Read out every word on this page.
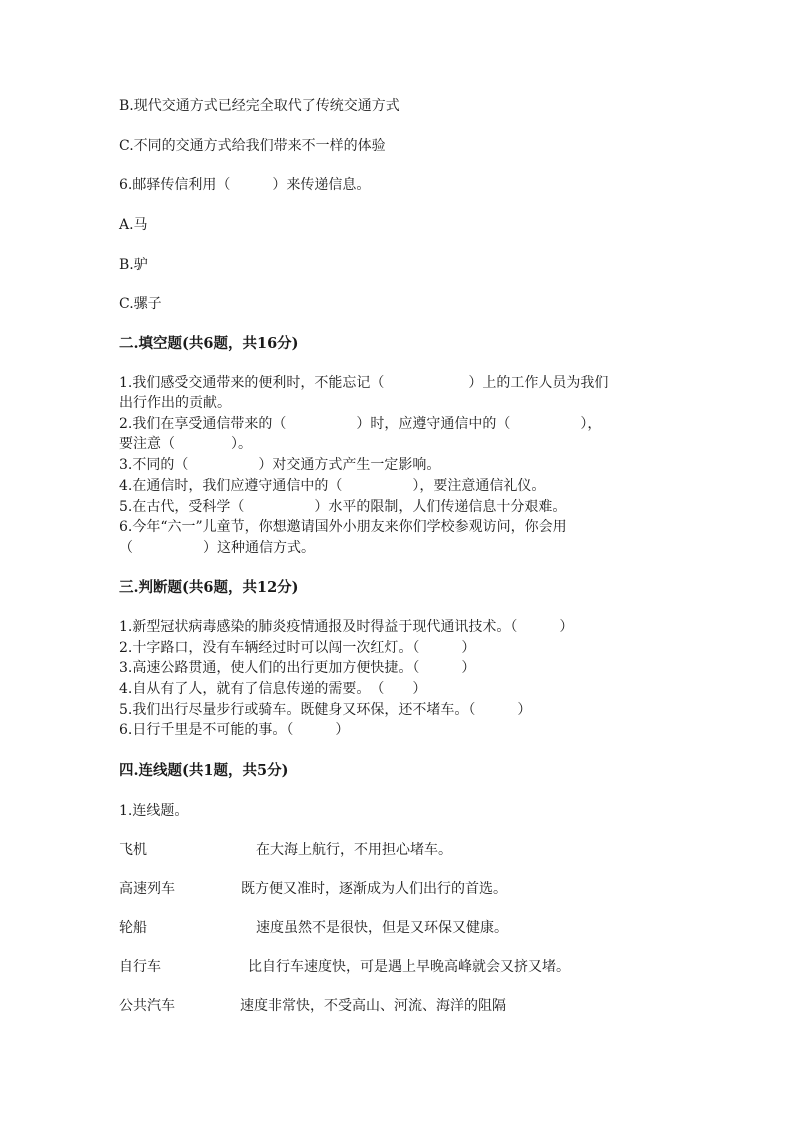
B.现代交通方式已经完全取代了传统交通方式
C.不同的交通方式给我们带来不一样的体验
6.邮驿传信利用（　　　）来传递信息。
A.马
B.驴
C.骡子
二.填空题(共6题，共16分)
1.我们感受交通带来的便利时，不能忘记（　　　　　　）上的工作人员为我们
出行作出的贡献。
2.我们在享受通信带来的（　　　　　）时，应遵守通信中的（　　　　　），
要注意（　　　　）。
3.不同的（　　　　　）对交通方式产生一定影响。
4.在通信时，我们应遵守通信中的（　　　　　），要注意通信礼仪。
5.在古代，受科学（　　　　　）水平的限制，人们传递信息十分艰难。
6.今年“六一”儿童节，你想邀请国外小朋友来你们学校参观访问，你会用
（　　　　　）这种通信方式。
三.判断题(共6题，共12分)
1.新型冠状病毒感染的肺炎疫情通报及时得益于现代通讯技术。（　　　）
2.十字路口，没有车辆经过时可以闯一次红灯。（　　　）
3.高速公路贯通，使人们的出行更加方便快捷。（　　　）
4.自从有了人，就有了信息传递的需要。　（　　）
5.我们出行尽量步行或骑车。既健身又环保，还不堵车。（　　　）
6.日行千里是不可能的事。（　　　）
四.连线题(共1题，共5分)
1.连线题。
飞机	在大海上航行，不用担心堵车。
高速列车	既方便又准时，逐渐成为人们出行的首选。
轮船	速度虽然不是很快，但是又环保又健康。
自行车	比自行车速度快，可是遇上早晚高峰就会又挤又堵。
公共汽车	速度非常快，不受高山、河流、海洋的阻隔
